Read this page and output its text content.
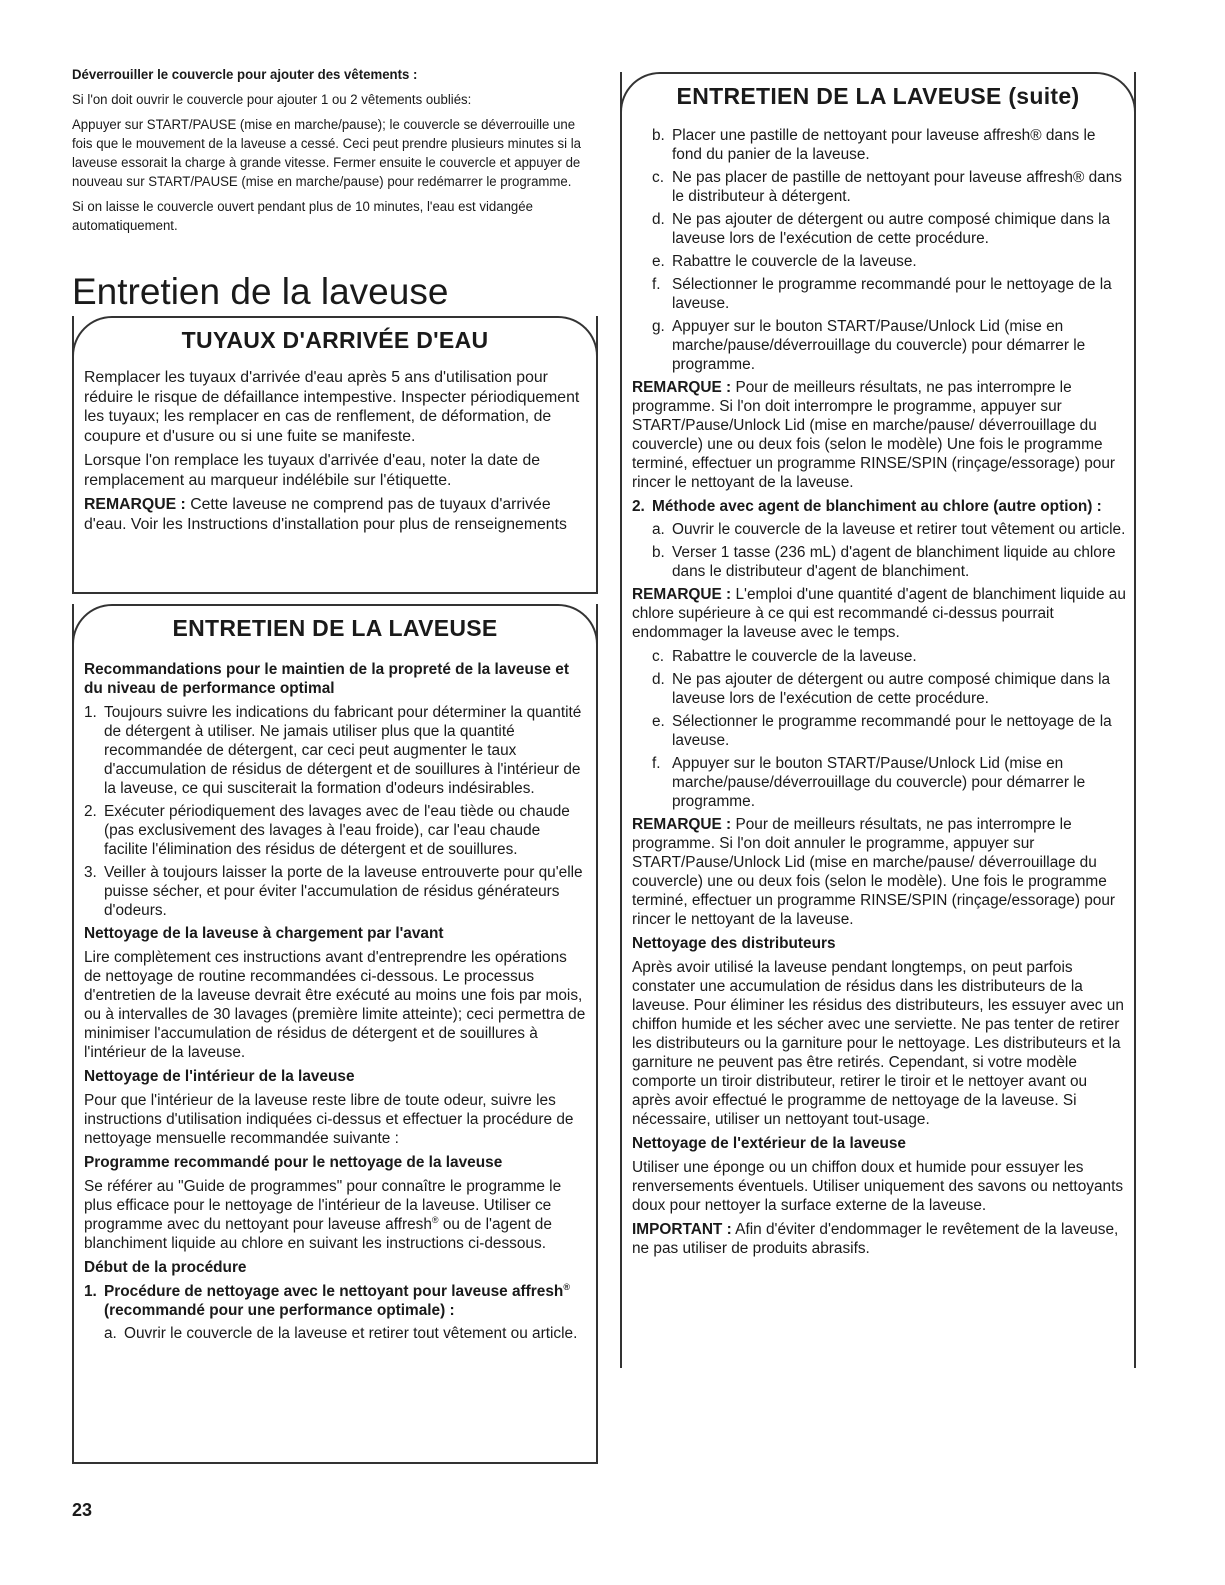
Déverrouiller le couvercle pour ajouter des vêtements :

Si l'on doit ouvrir le couvercle pour ajouter 1 ou 2 vêtements oubliés:

Appuyer sur START/PAUSE (mise en marche/pause); le couvercle se déverrouille une fois que le mouvement de la laveuse a cessé. Ceci peut prendre plusieurs minutes si la laveuse essorait la charge à grande vitesse. Fermer ensuite le couvercle et appuyer de nouveau sur START/PAUSE (mise en marche/pause) pour redémarrer le programme.

Si on laisse le couvercle ouvert pendant plus de 10 minutes, l'eau est vidangée automatiquement.

Entretien de la laveuse
TUYAUX D'ARRIVÉE D'EAU

Remplacer les tuyaux d'arrivée d'eau après 5 ans d'utilisation pour réduire le risque de défaillance intempestive. Inspecter périodiquement les tuyaux; les remplacer en cas de renflement, de déformation, de coupure et d'usure ou si une fuite se manifeste.

Lorsque l'on remplace les tuyaux d'arrivée d'eau, noter la date de remplacement au marqueur indélébile sur l'étiquette.

REMARQUE : Cette laveuse ne comprend pas de tuyaux d'arrivée d'eau. Voir les Instructions d'installation pour plus de renseignements

ENTRETIEN DE LA LAVEUSE

Recommandations pour le maintien de la propreté de la laveuse et du niveau de performance optimal

1. Toujours suivre les indications du fabricant pour déterminer la quantité de détergent à utiliser. Ne jamais utiliser plus que la quantité recommandée de détergent, car ceci peut augmenter le taux d'accumulation de résidus de détergent et de souillures à l'intérieur de la laveuse, ce qui susciterait la formation d'odeurs indésirables.
2. Exécuter périodiquement des lavages avec de l'eau tiède ou chaude (pas exclusivement des lavages à l'eau froide), car l'eau chaude facilite l'élimination des résidus de détergent et de souillures.
3. Veiller à toujours laisser la porte de la laveuse entrouverte pour qu'elle puisse sécher, et pour éviter l'accumulation de résidus générateurs d'odeurs.

Nettoyage de la laveuse à chargement par l'avant

Lire complètement ces instructions avant d'entreprendre les opérations de nettoyage de routine recommandées ci-dessous. Le processus d'entretien de la laveuse devrait être exécuté au moins une fois par mois, ou à intervalles de 30 lavages (première limite atteinte); ceci permettra de minimiser l'accumulation de résidus de détergent et de souillures à l'intérieur de la laveuse.

Nettoyage de l'intérieur de la laveuse

Pour que l'intérieur de la laveuse reste libre de toute odeur, suivre les instructions d'utilisation indiquées ci-dessus et effectuer la procédure de nettoyage mensuelle recommandée suivante :

Programme recommandé pour le nettoyage de la laveuse

Se référer au "Guide de programmes" pour connaître le programme le plus efficace pour le nettoyage de l'intérieur de la laveuse. Utiliser ce programme avec du nettoyant pour laveuse affresh® ou de l'agent de blanchiment liquide au chlore en suivant les instructions ci-dessous.

Début de la procédure

1. Procédure de nettoyage avec le nettoyant pour laveuse affresh® (recommandé pour une performance optimale) :
a. Ouvrir le couvercle de la laveuse et retirer tout vêtement ou article.
ENTRETIEN DE LA LAVEUSE (suite)
b. Placer une pastille de nettoyant pour laveuse affresh® dans le fond du panier de la laveuse.
c. Ne pas placer de pastille de nettoyant pour laveuse affresh® dans le distributeur à détergent.
d. Ne pas ajouter de détergent ou autre composé chimique dans la laveuse lors de l'exécution de cette procédure.
e. Rabattre le couvercle de la laveuse.
f. Sélectionner le programme recommandé pour le nettoyage de la laveuse.
g. Appuyer sur le bouton START/Pause/Unlock Lid (mise en marche/pause/déverrouillage du couvercle) pour démarrer le programme.

REMARQUE : Pour de meilleurs résultats, ne pas interrompre le programme. Si l'on doit interrompre le programme, appuyer sur START/Pause/Unlock Lid (mise en marche/pause/ déverrouillage du couvercle) une ou deux fois (selon le modèle) Une fois le programme terminé, effectuer un programme RINSE/SPIN (rinçage/essorage) pour rincer le nettoyant de la laveuse.

2. Méthode avec agent de blanchiment au chlore (autre option) :
a. Ouvrir le couvercle de la laveuse et retirer tout vêtement ou article.
b. Verser 1 tasse (236 mL) d'agent de blanchiment liquide au chlore dans le distributeur d'agent de blanchiment.

REMARQUE : L'emploi d'une quantité d'agent de blanchiment liquide au chlore supérieure à ce qui est recommandé ci-dessus pourrait endommager la laveuse avec le temps.

c. Rabattre le couvercle de la laveuse.
d. Ne pas ajouter de détergent ou autre composé chimique dans la laveuse lors de l'exécution de cette procédure.
e. Sélectionner le programme recommandé pour le nettoyage de la laveuse.
f. Appuyer sur le bouton START/Pause/Unlock Lid (mise en marche/pause/déverrouillage du couvercle) pour démarrer le programme.

REMARQUE : Pour de meilleurs résultats, ne pas interrompre le programme. Si l'on doit annuler le programme, appuyer sur START/Pause/Unlock Lid (mise en marche/pause/ déverrouillage du couvercle) une ou deux fois (selon le modèle). Une fois le programme terminé, effectuer un programme RINSE/SPIN (rinçage/essorage) pour rincer le nettoyant de la laveuse.

Nettoyage des distributeurs

Après avoir utilisé la laveuse pendant longtemps, on peut parfois constater une accumulation de résidus dans les distributeurs de la laveuse. Pour éliminer les résidus des distributeurs, les essuyer avec un chiffon humide et les sécher avec une serviette. Ne pas tenter de retirer les distributeurs ou la garniture pour le nettoyage. Les distributeurs et la garniture ne peuvent pas être retirés. Cependant, si votre modèle comporte un tiroir distributeur, retirer le tiroir et le nettoyer avant ou après avoir effectué le programme de nettoyage de la laveuse. Si nécessaire, utiliser un nettoyant tout-usage.

Nettoyage de l'extérieur de la laveuse

Utiliser une éponge ou un chiffon doux et humide pour essuyer les renversements éventuels. Utiliser uniquement des savons ou nettoyants doux pour nettoyer la surface externe de la laveuse.

IMPORTANT : Afin d'éviter d'endommager le revêtement de la laveuse, ne pas utiliser de produits abrasifs.

23
